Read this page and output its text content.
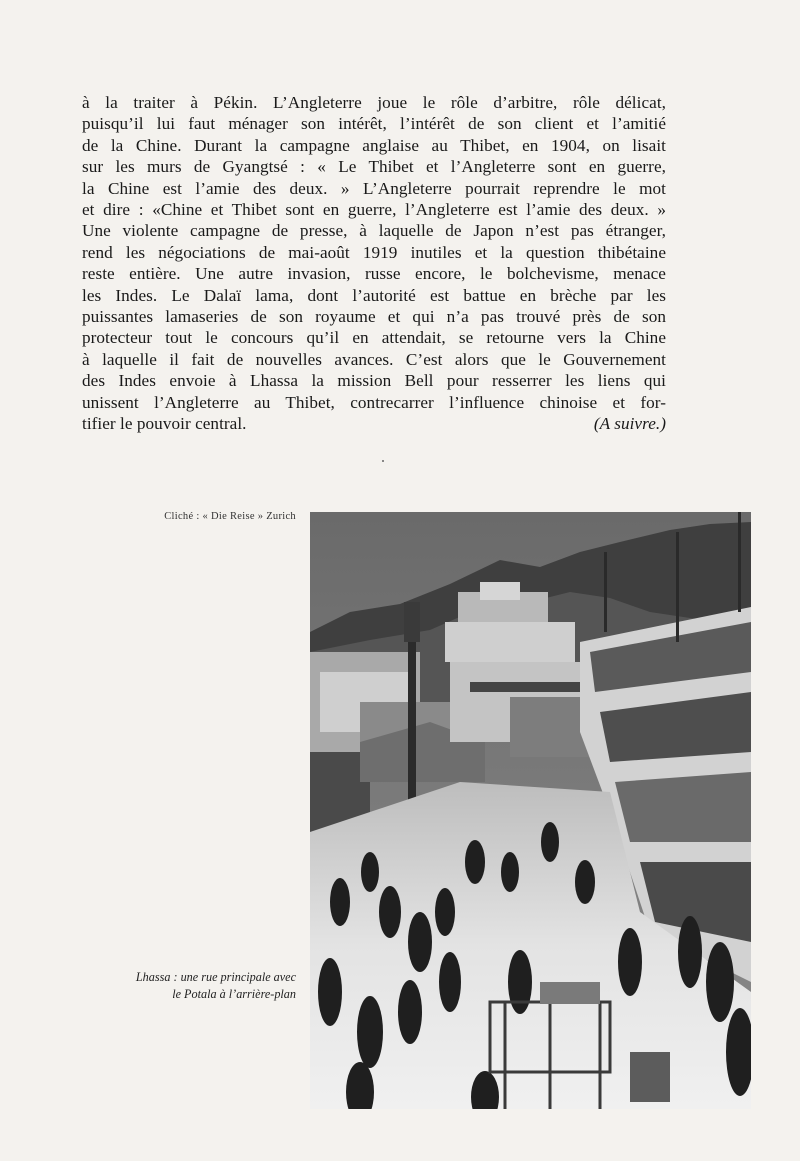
à la traiter à Pékin. L’Angleterre joue le rôle d’arbitre, rôle délicat,
puisqu’il lui faut ménager son intérêt, l’intérêt de son client et l’amitié
de la Chine. Durant la campagne anglaise au Thibet, en 1904, on lisait
sur les murs de Gyangtsé : « Le Thibet et l’Angleterre sont en guerre,
la Chine est l’amie des deux. » L’Angleterre pourrait reprendre le mot
et dire : «Chine et Thibet sont en guerre, l’Angleterre est l’amie des deux. »
Une violente campagne de presse, à laquelle de Japon n’est pas étranger,
rend les négociations de mai-août 1919 inutiles et la question thibétaine
reste entière. Une autre invasion, russe encore, le bolchevisme, menace
les Indes. Le Dalaï lama, dont l’autorité est battue en brèche par les
puissantes lamaseries de son royaume et qui n’a pas trouvé près de son
protecteur tout le concours qu’il en attendait, se retourne vers la Chine
à laquelle il fait de nouvelles avances. C’est alors que le Gouvernement
des Indes envoie à Lhassa la mission Bell pour resserrer les liens qui
unissent l’Angleterre au Thibet, contrecarrer l’influence chinoise et for-
tifier le pouvoir central.	(A suivre.)
Cliché : « Die Reise » Zurich
Lhassa : une rue principale avec
le Potala à l’arrière-plan
